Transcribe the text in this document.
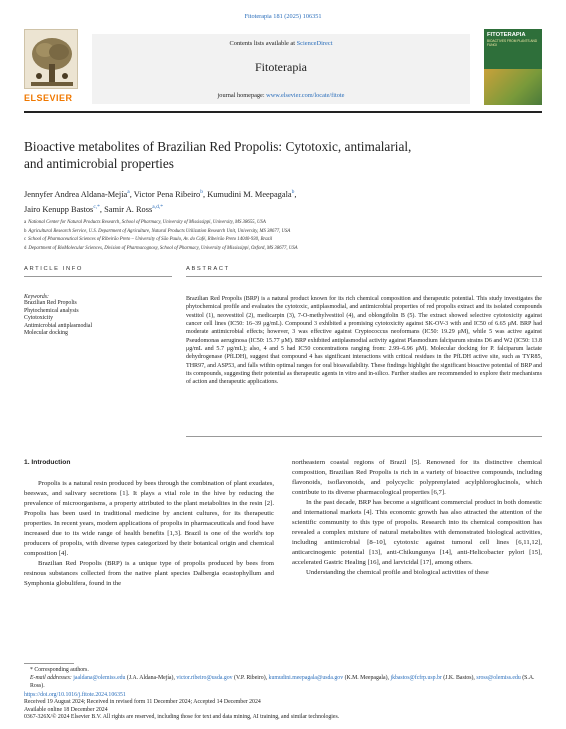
Fitoterapia 181 (2025) 106351
ELSEVIER
Contents lists available at ScienceDirect
Fitoterapia
journal homepage: www.elsevier.com/locate/fitote
FITOTERAPIA
BIOACTIVES FROM PLANTS AND FUNGI
Bioactive metabolites of Brazilian Red Propolis: Cytotoxic, antimalarial,
and antimicrobial properties
Jennyfer Andrea Aldana-Mejía$^a$, Victor Pena Ribeiro$^b$, Kumudini M. Meepagala$^b$,
Jairo Kenupp Bastos$^{c,*}$, Samir A. Ross$^{a,d,*}$
a National Center for Natural Products Research, School of Pharmacy, University of Mississippi, University, MS 38655, USA
b Agricultural Research Service, U.S. Department of Agriculture, Natural Products Utilization Research Unit, University, MS 38677, USA
c School of Pharmaceutical Sciences of Ribeirão Preto – University of São Paulo, Av. do Café, Ribeirão Preto 14040-930, Brazil
d Department of BioMolecular Sciences, Division of Pharmacognosy, School of Pharmacy, University of Mississippi, Oxford, MS 38677, USA
ARTICLE INFO	ABSTRACT
Keywords:
Brazilian Red Propolis
Phytochemical analysis
Cytotoxicity
Antimicrobial antiplasmodial
Molecular docking
Brazilian Red Propolis (BRP) is a natural product known for its rich chemical composition and therapeutic potential. This study investigates the phytochemical profile and evaluates the cytotoxic, antiplasmodial, and antimicrobial properties of red propolis extract and its isolated compounds vestitol (1), neovestitol (2), medicarpin (3), 7-O-methylvestitol (4), and oblongifolin B (5). The extract showed selective cytotoxicity against cancer cell lines (IC50: 16–39 μg/mL). Compound 3 exhibited a promising cytotoxicity against SK-OV-3 with and IC50 of 6.65 μM. BRP had moderate antimicrobial effects; however, 3 was effective against Cryptococcus neoformans (IC50: 19.29 μM), while 5 was active against Pseudomonas aeruginosa (IC50: 15.77 μM). BRP exhibited antiplasmodial activity against Plasmodium falciparum strains D6 and W2 (IC50: 13.8 μg/mL and 5.7 μg/mL); also, 4 and 5 had IC50 concentrations ranging from: 2.99–6.96 μM). Molecular docking for P. falciparum lactate dehydrogenase (PfLDH), suggest that compound 4 has significant interactions with critical residues in the PfLDH active site, such as TYR85, THR97, and ASP53, and falls within optimal ranges for oral bioavailability. These findings highlight the significant bioactive potential of BRP and its compounds, suggesting their potential as therapeutic agents in vitro and in-silico. Further studies are recommended to explore their mechanisms of action and therapeutic applications.
1. Introduction

Propolis is a natural resin produced by bees through the combination of plant exudates, beeswax, and salivary secretions [1]. It plays a vital role in the hive by reducing the prevalence of microorganisms, a property attributed to the plant metabolites in the resin [2]. Propolis has been used in traditional medicine by ancient cultures, for its therapeutic properties. In recent years, modern applications of propolis in pharmaceuticals and food have increased due to its wide range of health benefits [1,3]. Brazil is one of the world's top producers of propolis, with diverse types categorized by their botanical origin and chemical composition [4].

Brazilian Red Propolis (BRP) is a unique type of propolis produced by bees from resinous substances collected from the native plant species Dalbergia ecastophyllum and Symphonia globulifera, found in the

northeastern coastal regions of Brazil [5]. Renowned for its distinctive chemical composition, Brazilian Red Propolis is rich in a variety of bioactive compounds, including flavonoids, isoflavonoids, and polycyclic polyprenylated acylphloroglucinols, which contribute to its diverse pharmacological properties [6,7].

In the past decade, BRP has become a significant commercial product in both domestic and international markets [4]. This economic growth has also attracted the attention of the scientific community to this type of propolis. Research into its chemical composition has revealed a complex mixture of natural metabolites with demonstrated biological activities, including antimicrobial [8–10], cytotoxic against tumoral cell lines [6,11,12], anticarcinogenic potential [13], anti-Chikungunya [14], anti-Helicobacter pylori [15], accelerated Gastric Healing [16], and larvicidal [17], among others.

Understanding the chemical profile and biological activities of these

* Corresponding authors.
E-mail addresses: jaaldana@olemiss.edu (J.A. Aldana-Mejía), victor.ribeiro@usda.gov (V.P. Ribeiro), kumudini.meepagala@usda.gov (K.M. Meepagala), jkbastos@fcfrp.usp.br (J.K. Bastos), sross@olemiss.edu (S.A. Ross).
https://doi.org/10.1016/j.fitote.2024.106351
Received 19 August 2024; Received in revised form 11 December 2024; Accepted 14 December 2024
Available online 18 December 2024
0367-326X/© 2024 Elsevier B.V. All rights are reserved, including those for text and data mining, AI training, and similar technologies.
